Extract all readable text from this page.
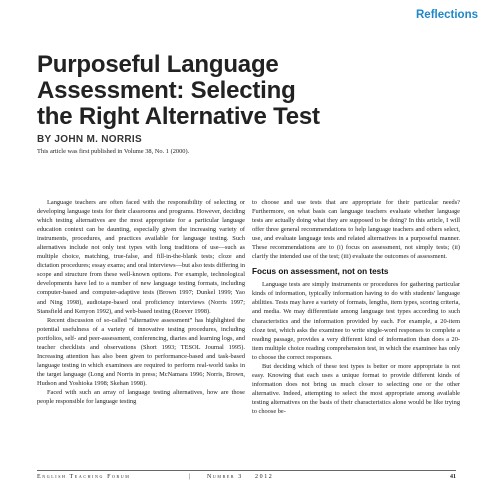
Reflections
Purposeful Language
Assessment: Selecting
the Right Alternative Test
BY JOHN M. NORRIS
This article was first published in Volume 38, No. 1 (2000).

Language teachers are often faced with the responsibility of selecting or developing language tests for their classrooms and programs. However, deciding which testing alternatives are the most appropriate for a particular language education context can be daunting, especially given the increasing variety of instruments, procedures, and practices available for language testing. Such alternatives include not only test types with long traditions of use—such as multiple choice, matching, true-false, and fill-in-the-blank tests; cloze and dictation procedures; essay exams; and oral interviews—but also tests differing in scope and structure from these well-known options. For example, technological developments have led to a number of new language testing formats, including computer-based and computer-adaptive tests (Brown 1997; Dunkel 1999; Yao and Ning 1998), audiotape-based oral proficiency interviews (Norris 1997; Stansfield and Kenyon 1992), and web-based testing (Roever 1998).

Recent discussion of so-called “alternative assessment” has highlighted the potential usefulness of a variety of innovative testing procedures, including portfolios, self- and peer-assessment, conferencing, diaries and learning logs, and teacher checklists and observations (Short 1993; TESOL Journal 1995). Increasing attention has also been given to performance-based and task-based language testing in which examinees are required to perform real-world tasks in the target language (Long and Norris in press; McNamara 1996; Norris, Brown, Hudson and Yoshioka 1998; Skehan 1998).

Faced with such an array of language testing alternatives, how are those people responsible for language testing

to choose and use tests that are appropriate for their particular needs? Furthermore, on what basis can language teachers evaluate whether language tests are actually doing what they are supposed to be doing? In this article, I will offer three general recommendations to help language teachers and others select, use, and evaluate language tests and related alternatives in a purposeful manner. These recommendations are to (i) focus on assessment, not simply tests; (ii) clarify the intended use of the test; (iii) evaluate the outcomes of assessment.

Focus on assessment, not on tests

Language tests are simply instruments or procedures for gathering particular kinds of information, typically information having to do with students' language abilities. Tests may have a variety of formats, lengths, item types, scoring criteria, and media. We may differentiate among language test types according to such characteristics and the information provided by each. For example, a 20-item cloze test, which asks the examinee to write single-word responses to complete a reading passage, provides a very different kind of information than does a 20-item multiple choice reading comprehension test, in which the examinee has only to choose the correct responses.

But deciding which of these test types is better or more appropriate is not easy. Knowing that each uses a unique format to provide different kinds of information does not bring us much closer to selecting one or the other alternative. Indeed, attempting to select the most appropriate among available testing alternatives on the basis of their characteristics alone would be like trying to choose be-

English Teaching Forum	|	Number 3 2012	41
